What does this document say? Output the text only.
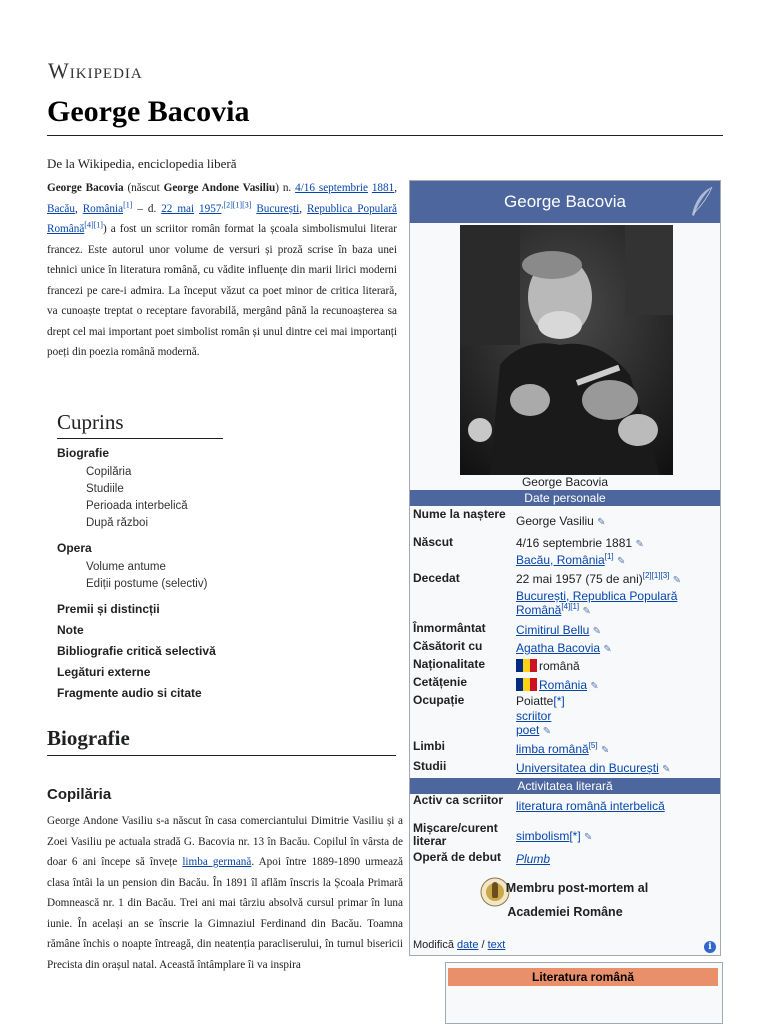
Wikipedia
George Bacovia
De la Wikipedia, enciclopedia liberă

George Bacovia (născut George Andone Vasiliu) n. 4/16 septembrie 1881, Bacău, România[1] – d. 22 mai 1957$^{,[2][1][3]}$ București, Republica Populară Română[4][1]) a fost un scriitor român format la școala simbolismului literar francez. Este autorul unor volume de versuri și proză scrise în baza unei tehnici unice în literatura română, cu vădite influențe din marii lirici moderni francezi pe care-i admira. La început văzut ca poet minor de critica literară, va cunoaște treptat o receptare favorabilă, mergând până la recunoașterea sa drept cel mai important poet simbolist român și unul dintre cei mai importanți poeți din poezia română modernă.

Cuprins
Biografie
Copilăria
Studiile
Perioada interbelică
După război
Opera
Volume antume
Ediții postume (selectiv)
Premii și distincții
Note
Bibliografie critică selectivă
Legături externe
Fragmente audio si citate
Biografie
Copilăria

George Andone Vasiliu s-a născut în casa comerciantului Dimitrie Vasiliu și a Zoei Vasiliu pe actuala stradă G. Bacovia nr. 13 în Bacău. Copilul în vârsta de doar 6 ani începe să învețe limba germană. Apoi între 1889-1890 urmează clasa întâi la un pension din Bacău. În 1891 îl aflăm înscris la Școala Primară Domnească nr. 1 din Bacău. Trei ani mai târziu absolvă cursul primar în luna iunie. În același an se înscrie la Gimnaziul Ferdinand din Bacău. Toamna rămâne închis o noapte întreagă, din neatenția paracliserului, în turnul bisericii Precista din orașul natal. Această întâmplare îi va inspira

George Bacovia
George Bacovia
Date personale
Nume la naștere George Vasiliu ✎
Născut	4/16 septembrie 1881 ✎
Bacău, România[1] ✎
Decedat	22 mai 1957 (75 de ani)[2][1][3] ✎
București, Republica Populară Română[4][1] ✎
Înmormântat	Cimitirul Bellu ✎
Căsătorit cu	Agatha Bacovia ✎
Naționalitate	română
Cetățenie	România ✎
Ocupație	Poiatte[*]
scriitor
poet ✎
Limbi	limba română[5] ✎
Studii	Universitatea din București ✎
Activitatea literară
Activ ca scriitor	literatura română interbelică
Mișcare/curent literar	simbolism[*] ✎
Operă de debut	Plumb
Membru post-mortem al
Academiei Române
Modifică date / text	i
Literatura română
